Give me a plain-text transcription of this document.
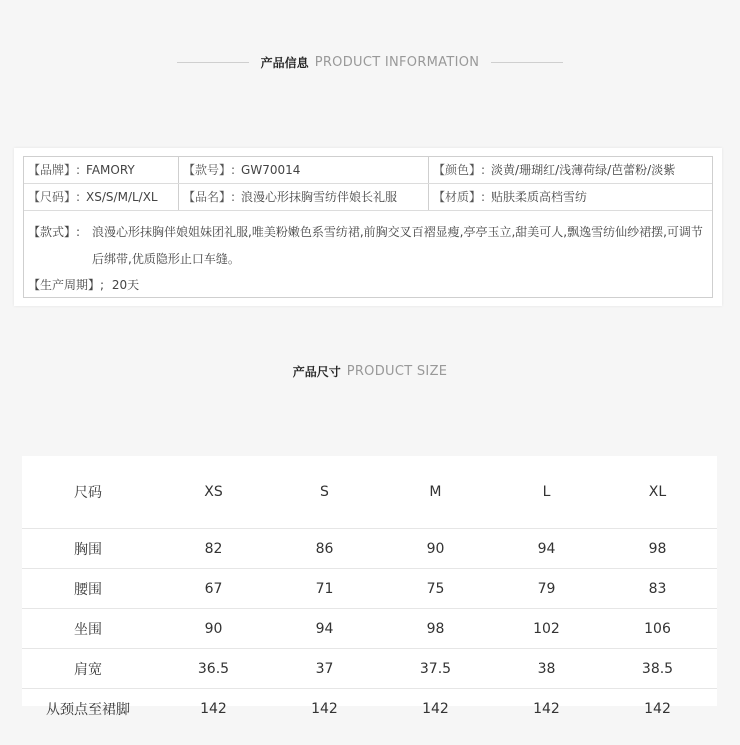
产品信息 PRODUCT INFORMATION
【品牌】: FAMORY	【款号】: GW70014	【颜色】: 淡黄/珊瑚红/浅薄荷绿/芭蕾粉/淡紫
【尺码】: XS/S/M/L/XL	【品名】: 浪漫心形抹胸雪纺伴娘长礼服	【材质】: 贴肤柔质高档雪纺
【款式】: 浪漫心形抹胸伴娘姐妹团礼服,唯美粉嫩色系雪纺裙,前胸交叉百褶显瘦,亭亭玉立,甜美可人,飘逸雪纺仙纱裙摆,可调节后绑带,优质隐形止口车缝。
【生产周期】; 20天
产品尺寸 PRODUCT SIZE
尺码	XS	S	M	L	XL
胸围	82	86	90	94	98
腰围	67	71	75	79	83
坐围	90	94	98	102	106
肩宽	36.5	37	37.5	38	38.5
从颈点至裙脚	142	142	142	142	142
